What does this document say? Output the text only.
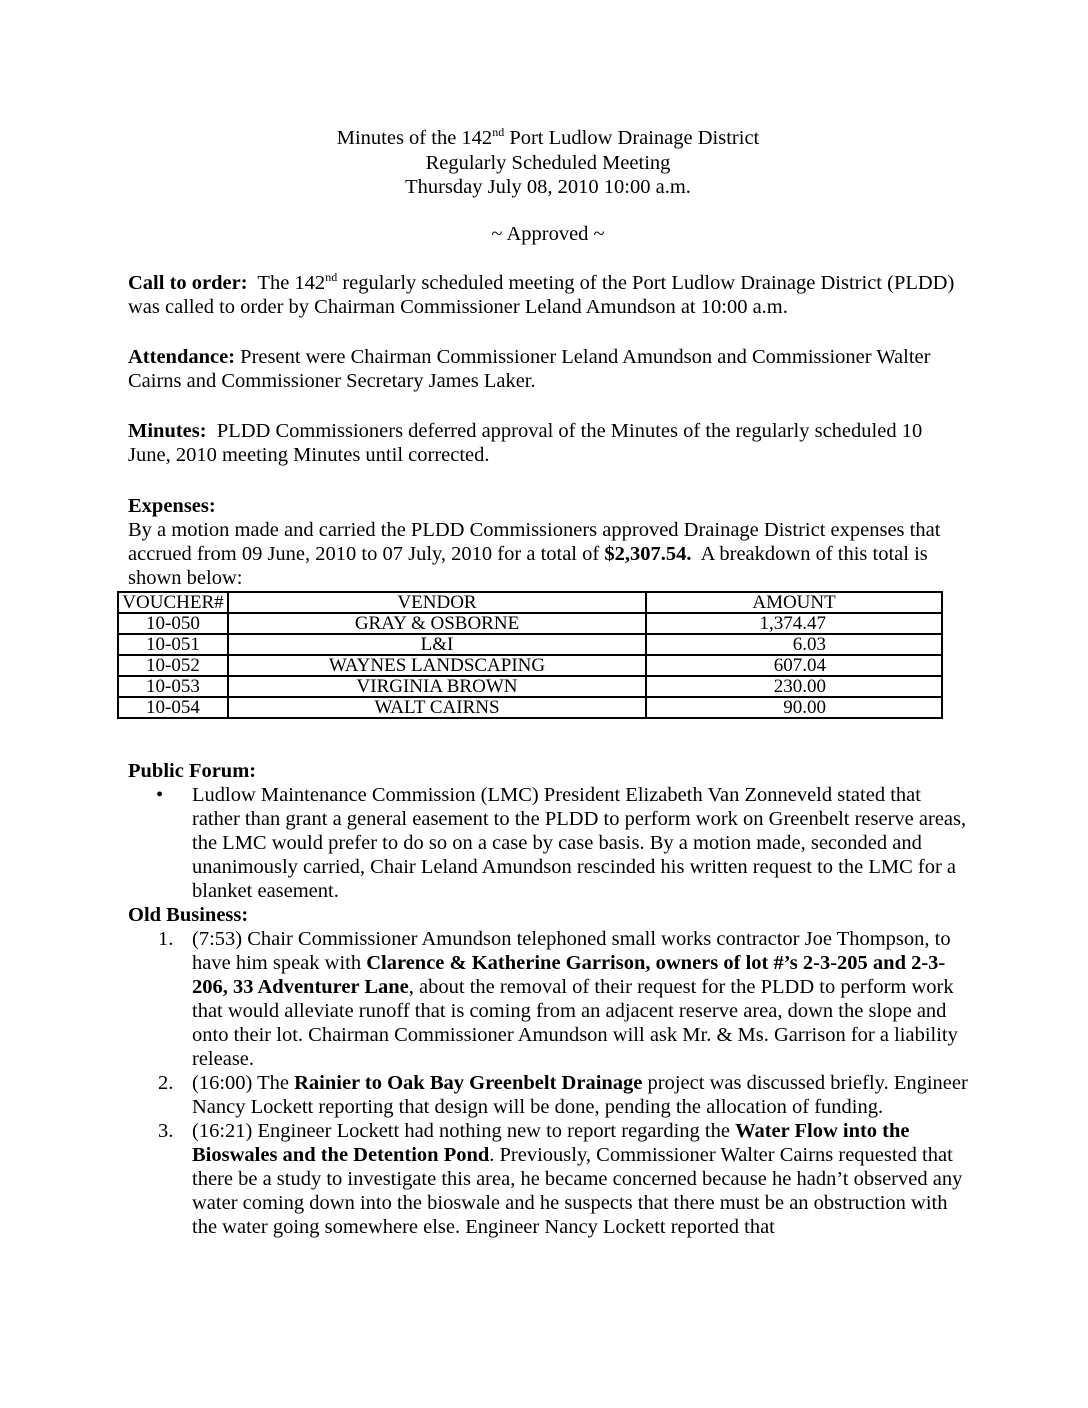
Minutes of the 142nd Port Ludlow Drainage District
Regularly Scheduled Meeting
Thursday July 08, 2010 10:00 a.m.
~ Approved ~
Call to order:  The 142nd regularly scheduled meeting of the Port Ludlow Drainage District (PLDD) was called to order by Chairman Commissioner Leland Amundson at 10:00 a.m.
Attendance: Present were Chairman Commissioner Leland Amundson and Commissioner Walter Cairns and Commissioner Secretary James Laker.
Minutes:  PLDD Commissioners deferred approval of the Minutes of the regularly scheduled 10 June, 2010 meeting Minutes until corrected.
Expenses:
By a motion made and carried the PLDD Commissioners approved Drainage District expenses that accrued from 09 June, 2010 to 07 July, 2010 for a total of $2,307.54.  A breakdown of this total is shown below:
VOUCHER#	VENDOR	AMOUNT
10-050	GRAY & OSBORNE	1,374.47
10-051	L&I	6.03
10-052	WAYNES LANDSCAPING	607.04
10-053	VIRGINIA BROWN	230.00
10-054	WALT CAIRNS	90.00
Public Forum:
• Ludlow Maintenance Commission (LMC) President Elizabeth Van Zonneveld stated that rather than grant a general easement to the PLDD to perform work on Greenbelt reserve areas, the LMC would prefer to do so on a case by case basis. By a motion made, seconded and unanimously carried, Chair Leland Amundson rescinded his written request to the LMC for a blanket easement.
Old Business:
1. (7:53) Chair Commissioner Amundson telephoned small works contractor Joe Thompson, to have him speak with Clarence & Katherine Garrison, owners of lot #’s 2-3-205 and 2-3-206, 33 Adventurer Lane, about the removal of their request for the PLDD to perform work that would alleviate runoff that is coming from an adjacent reserve area, down the slope and onto their lot. Chairman Commissioner Amundson will ask Mr. & Ms. Garrison for a liability release.
2. (16:00) The Rainier to Oak Bay Greenbelt Drainage project was discussed briefly. Engineer Nancy Lockett reporting that design will be done, pending the allocation of funding.
3. (16:21) Engineer Lockett had nothing new to report regarding the Water Flow into the Bioswales and the Detention Pond. Previously, Commissioner Walter Cairns requested that there be a study to investigate this area, he became concerned because he hadn’t observed any water coming down into the bioswale and he suspects that there must be an obstruction with the water going somewhere else. Engineer Nancy Lockett reported that
